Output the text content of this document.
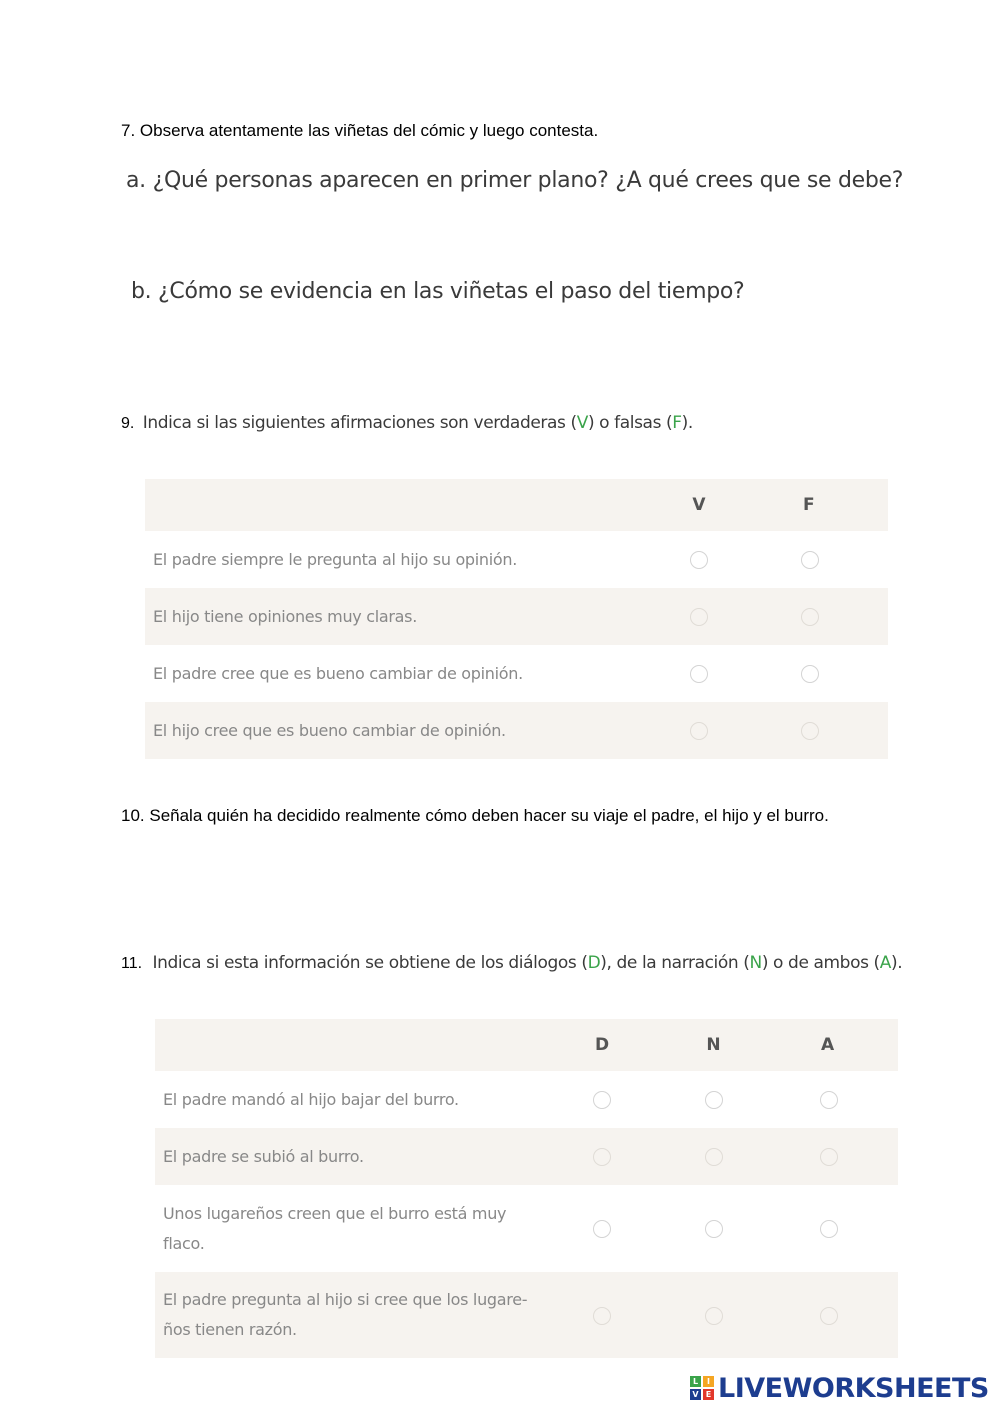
7. Observa atentamente las viñetas del cómic y luego contesta.
a. ¿Qué personas aparecen en primer plano? ¿A qué crees que se debe?
b. ¿Cómo se evidencia en las viñetas el paso del tiempo?
9. Indica si las siguientes afirmaciones son verdaderas (V) o falsas (F).
	V	F
El padre siempre le pregunta al hijo su opinión.		
El hijo tiene opiniones muy claras.		
El padre cree que es bueno cambiar de opinión.		
El hijo cree que es bueno cambiar de opinión.		
10. Señala quién ha decidido realmente cómo deben hacer su viaje el padre, el hijo y el burro.
11. Indica si esta información se obtiene de los diálogos (D), de la narración (N) o de ambos (A).
	D	N	A
El padre mandó al hijo bajar del burro.			
El padre se subió al burro.			

Unos lugareños creen que el burro está muy flaco.			

El padre pregunta al hijo si cree que los lugare-ños tienen razón.			

L	I
V E LIVEWORKSHEETS
